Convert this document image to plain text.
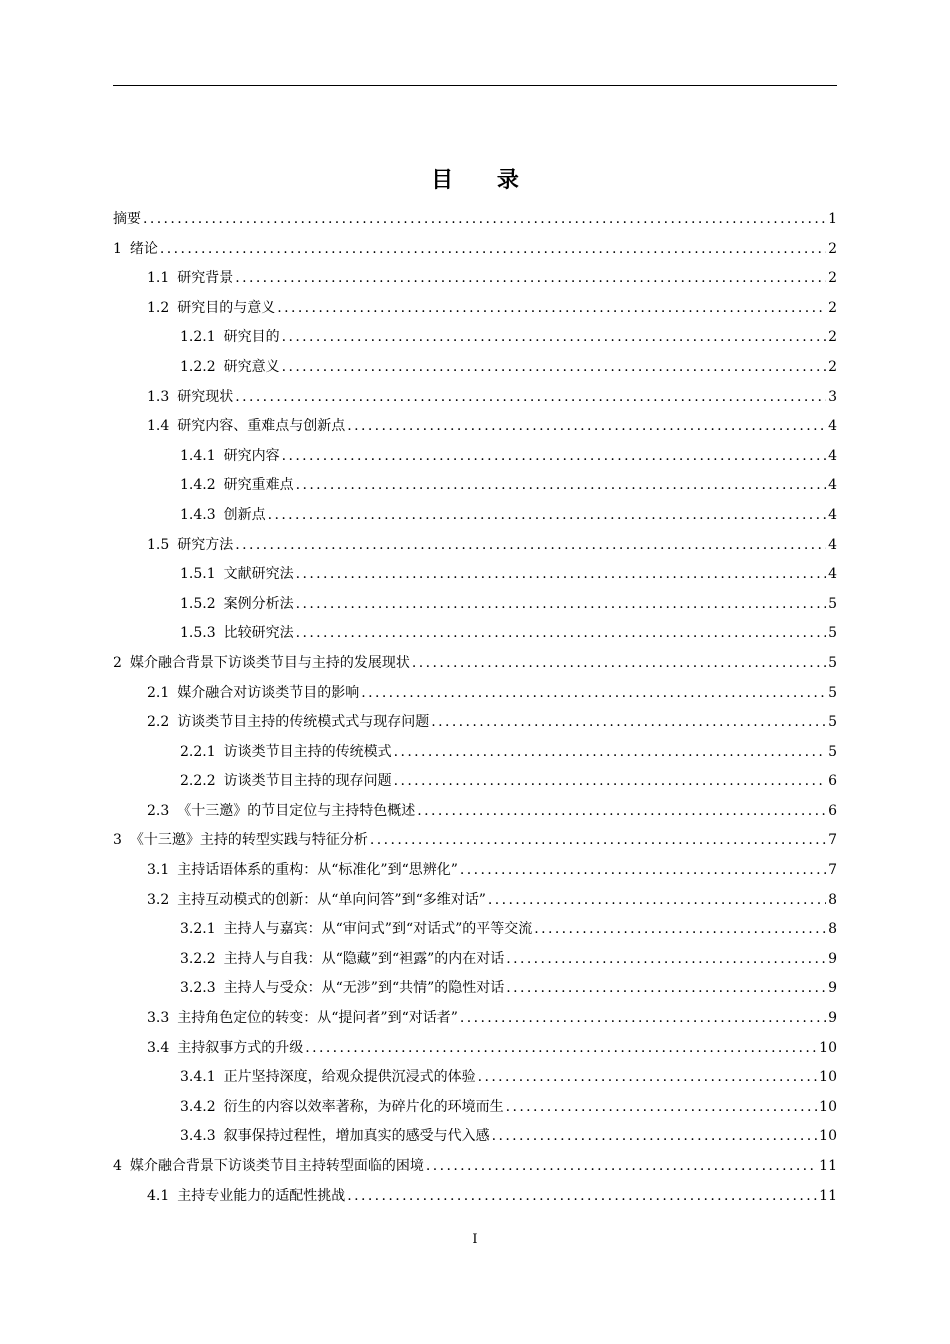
目 录
摘要 .....	1
1 绪论 .....	2
1.1 研究背景 .....	2
1.2 研究目的与意义 .....	2
1.2.1 研究目的 .....	2
1.2.2 研究意义 .....	2
1.3 研究现状 .....	3
1.4 研究内容、重难点与创新点 .....	4
1.4.1 研究内容 .....	4
1.4.2 研究重难点 .....	4
1.4.3 创新点 .....	4
1.5 研究方法 .....	4
1.5.1 文献研究法 .....	4
1.5.2 案例分析法 .....	5
1.5.3 比较研究法 .....	5
2 媒介融合背景下访谈类节目与主持的发展现状 .....	5
2.1 媒介融合对访谈类节目的影响 .....	5
2.2 访谈类节目主持的传统模式式与现存问题 .....	5
2.2.1 访谈类节目主持的传统模式 .....	5
2.2.2 访谈类节目主持的现存问题 .....	6
2.3 《十三邀》的节目定位与主持特色概述 .....	6
3 《十三邀》主持的转型实践与特征分析 .....	7
3.1 主持话语体系的重构：从“标准化”到“思辨化” .....	7
3.2 主持互动模式的创新：从“单向问答”到“多维对话” .....	8
3.2.1 主持人与嘉宾：从“审问式”到“对话式”的平等交流 .....	8
3.2.2 主持人与自我：从“隐藏”到“袒露”的内在对话 .....	9
3.2.3 主持人与受众：从“无涉”到“共情”的隐性对话 .....	9
3.3 主持角色定位的转变：从“提问者”到“对话者” .....	9
3.4 主持叙事方式的升级 .....	10
3.4.1 正片坚持深度，给观众提供沉浸式的体验 .....	10
3.4.2 衍生的内容以效率著称，为碎片化的环境而生 .....	10
3.4.3 叙事保持过程性，增加真实的感受与代入感 .....	10
4 媒介融合背景下访谈类节目主持转型面临的困境 .....	11
4.1 主持专业能力的适配性挑战 .....	11
I
